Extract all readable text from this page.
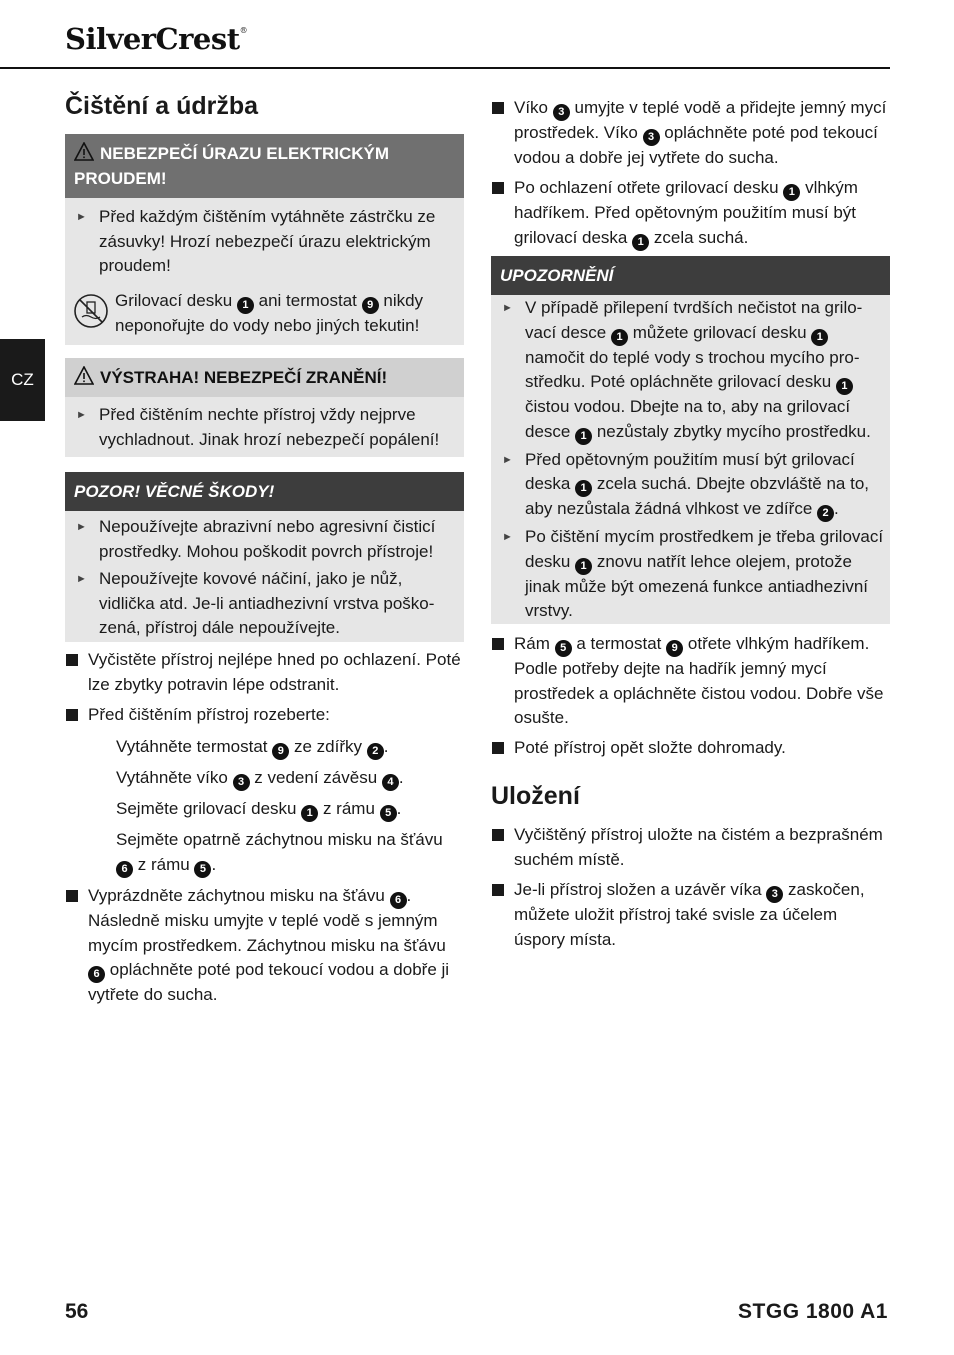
SilverCrest®
CZ
Čištění a údržba
NEBEZPEČÍ ÚRAZU ELEKTRICKÝM PROUDEM!

► Před každým čištěním vytáhněte zástrčku ze zásuvky! Hrozí nebezpečí úrazu elektrickým proudem!

Grilovací desku 1 ani termostat 9 nikdy neponořujte do vody nebo jiných tekutin!
VÝSTRAHA! NEBEZPEČÍ ZRANĚNÍ!

► Před čištěním nechte přístroj vždy nejprve vychladnout. Jinak hrozí nebezpečí popálení!

POZOR! VĚCNÉ ŠKODY!

► Nepoužívejte abrazivní nebo agresivní čisticí prostředky. Mohou poškodit povrch přístroje!

► Nepoužívejte kovové náčiní, jako je nůž, vidlička atd. Je-li antiadhezivní vrstva poško-zená, přístroj dále nepoužívejte.

Vyčistěte přístroj nejlépe hned po ochlazení. Poté lze zbytky potravin lépe odstranit.
Před čištěním přístroj rozeberte:
Vytáhněte termostat 9 ze zdířky 2 .
Vytáhněte víko 3 z vedení závěsu 4 .
Sejměte grilovací desku 1 z rámu 5 .
Sejměte opatrně záchytnou misku na šťávu 6 z rámu 5 .
Vyprázdněte záchytnou misku na šťávu 6 . Následně misku umyjte v teplé vodě s jemným mycím prostředkem. Záchytnou misku na šťávu 6 opláchněte poté pod tekoucí vodou a dobře ji vytřete do sucha.
Víko 3 umyjte v teplé vodě a přidejte jemný mycí prostředek. Víko 3 opláchněte poté pod tekoucí vodou a dobře jej vytřete do sucha.
Po ochlazení otřete grilovací desku 1 vlhkým hadříkem. Před opětovným použitím musí být grilovací deska 1 zcela suchá.
UPOZORNĚNÍ

► V případě přilepení tvrdších nečistot na grilo-vací desce 1 můžete grilovací desku 1 namočit do teplé vody s trochou mycího pro-středku. Poté opláchněte grilovací desku 1 čistou vodou. Dbejte na to, aby na grilovací desce 1 nezůstaly zbytky mycího prostředku.

► Před opětovným použitím musí být grilovací deska 1 zcela suchá. Dbejte obzvláště na to, aby nezůstala žádná vlhkost ve zdířce 2 .

► Po čištění mycím prostředkem je třeba grilovací desku 1 znovu natřít lehce olejem, protože jinak může být omezená funkce antiadhezivní vrstvy.

Rám 5 a termostat 9 otřete vlhkým hadříkem. Podle potřeby dejte na hadřík jemný mycí prostředek a opláchněte čistou vodou. Dobře vše osušte.
Poté přístroj opět složte dohromady.
Uložení
Vyčištěný přístroj uložte na čistém a bezprašném suchém místě.
Je-li přístroj složen a uzávěr víka 3 zaskočen, můžete uložit přístroj také svisle za účelem úspory místa.
56	STGG 1800 A1
